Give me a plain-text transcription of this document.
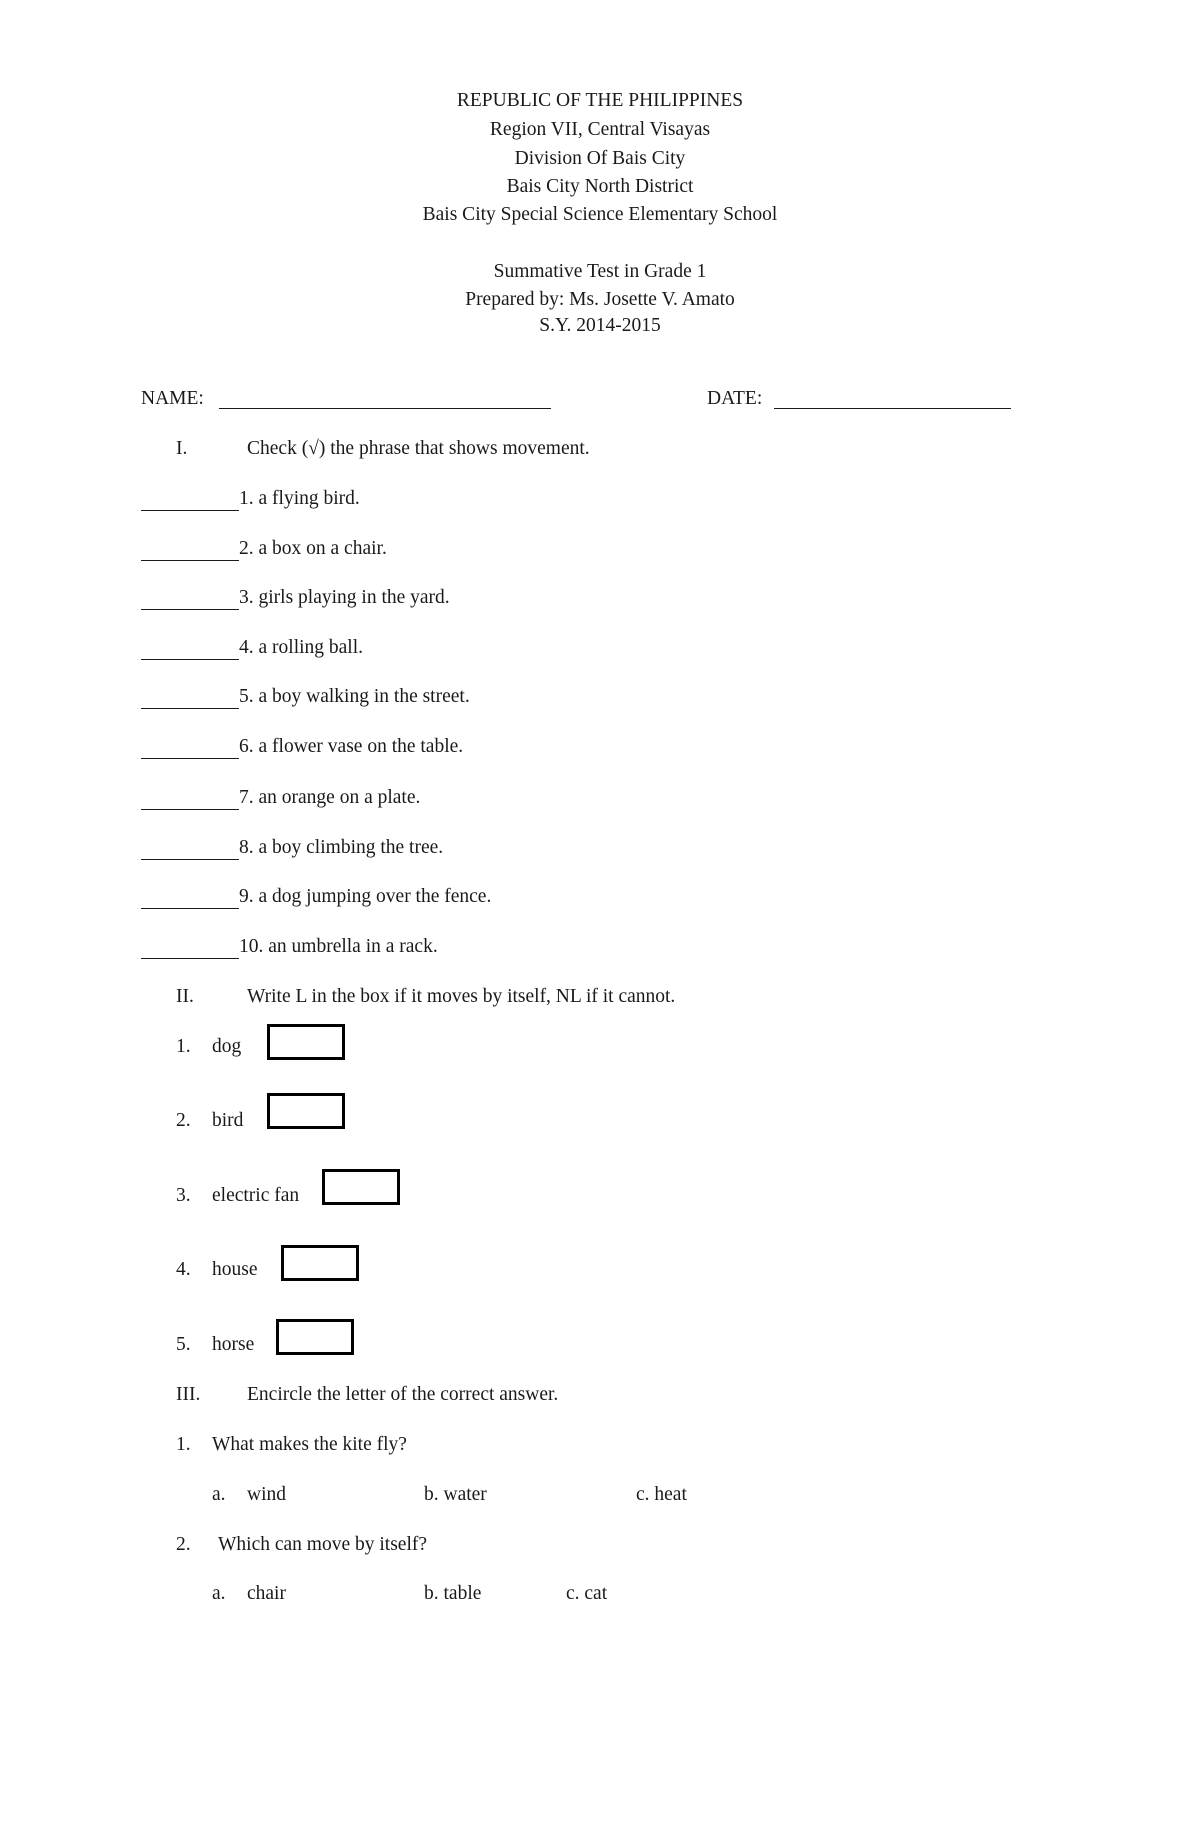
REPUBLIC OF THE PHILIPPINES
Region VII, Central Visayas
Division Of Bais City
Bais City North District
Bais City Special Science Elementary School
Summative Test in Grade 1
Prepared by: Ms. Josette V. Amato
S.Y. 2014-2015
NAME:	DATE:
I.	Check (√) the phrase that shows movement.
1. a flying bird.
2. a box on a chair.
3. girls playing in the yard.
4. a rolling ball.
5. a boy walking in the street.
6. a flower vase on the table.
7. an orange on a plate.
8. a boy climbing the tree.
9. a dog jumping over the fence.
10. an umbrella in a rack.
II.	Write L in the box if it moves by itself, NL if it cannot.
1. dog
2. bird
3. electric fan
4. house
5. horse
III. Encircle the letter of the correct answer.
1. What makes the kite fly?
a. wind	b. water	c. heat
2. Which can move by itself?
a. chair	b. table	c. cat
